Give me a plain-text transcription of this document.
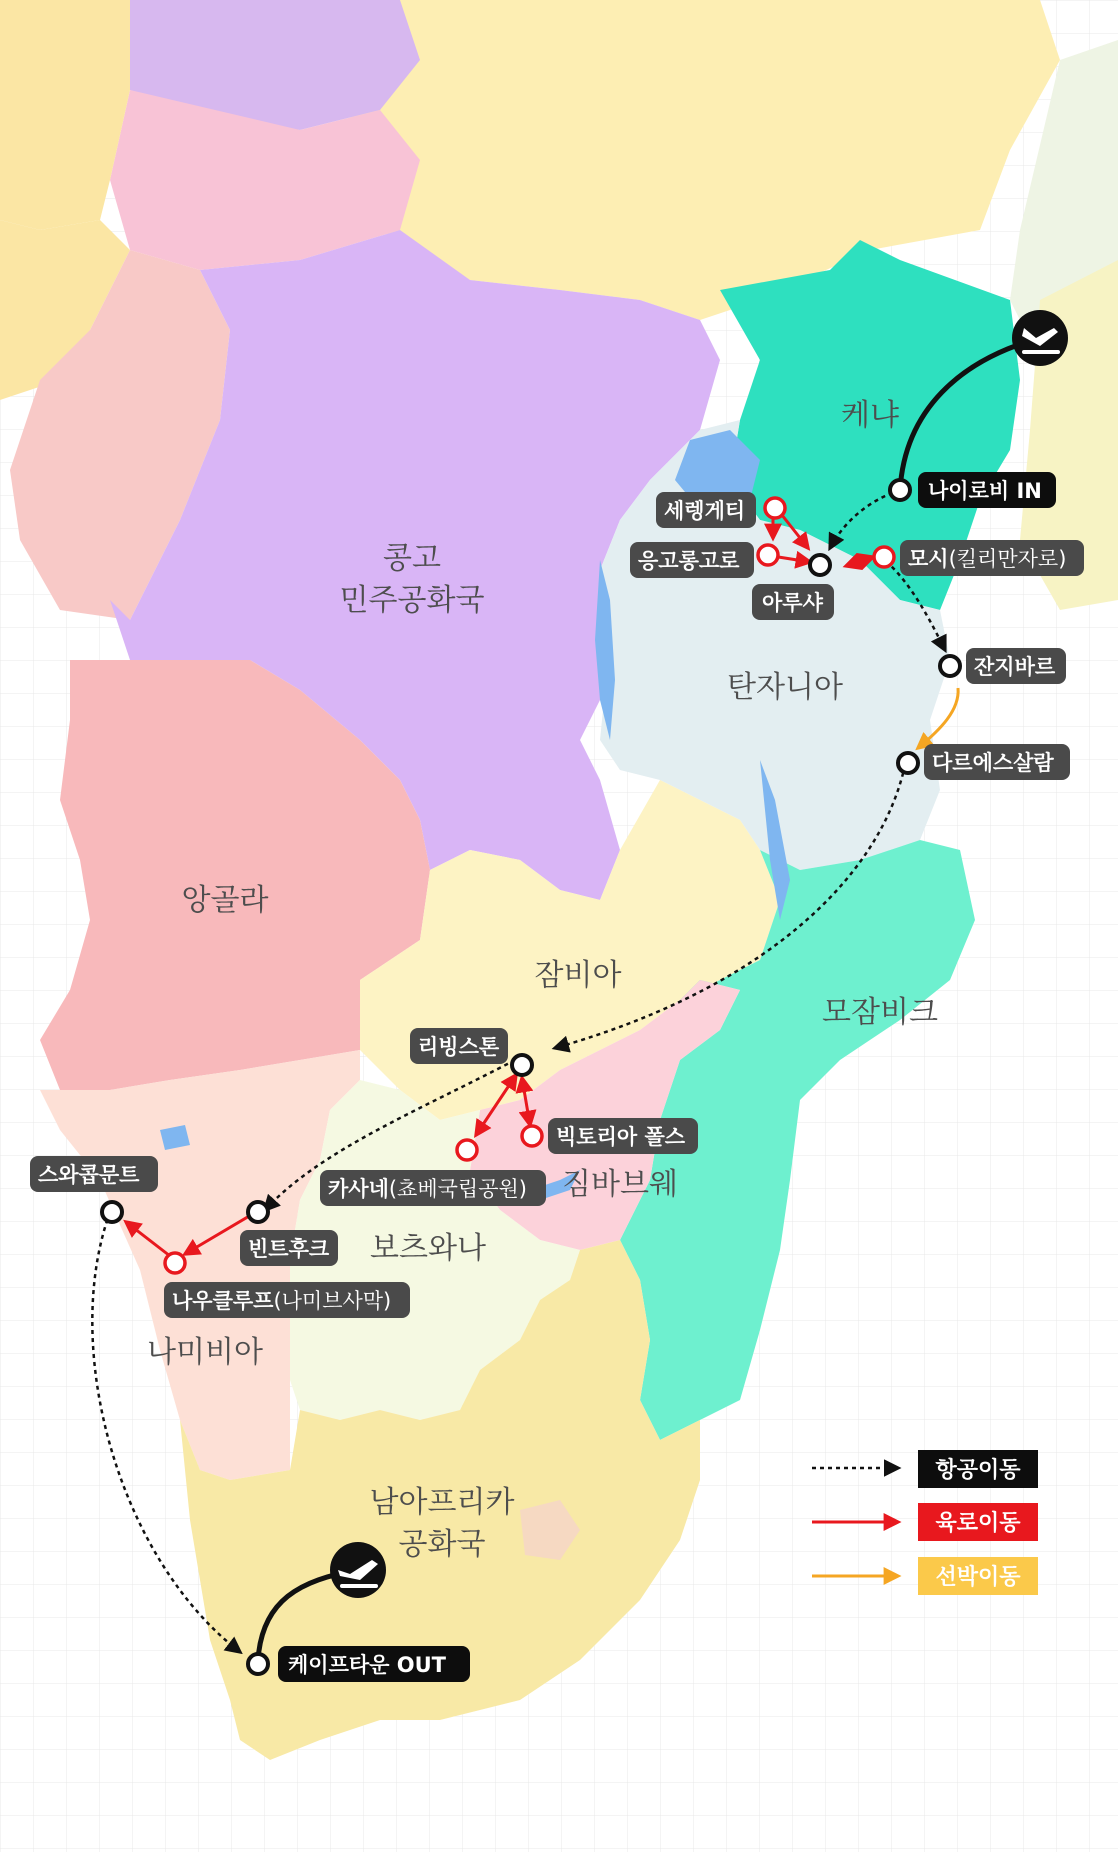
케냐
콩고
민주공화국
탄자니아
앙골라
잠비아
모잠비크
짐바브웨
보츠와나
나미비아
남아프리카
공화국
나이로비 IN
세렝게티
응고롱고로
아루샤
모시(킬리만자로)
잔지바르
다르에스살람
리빙스톤
빅토리아 폴스
카사네(쵸베국립공원)
스와콥문트
빈트후크
나우클루프(나미브사막)
케이프타운 OUT
항공이동
육로이동
선박이동
